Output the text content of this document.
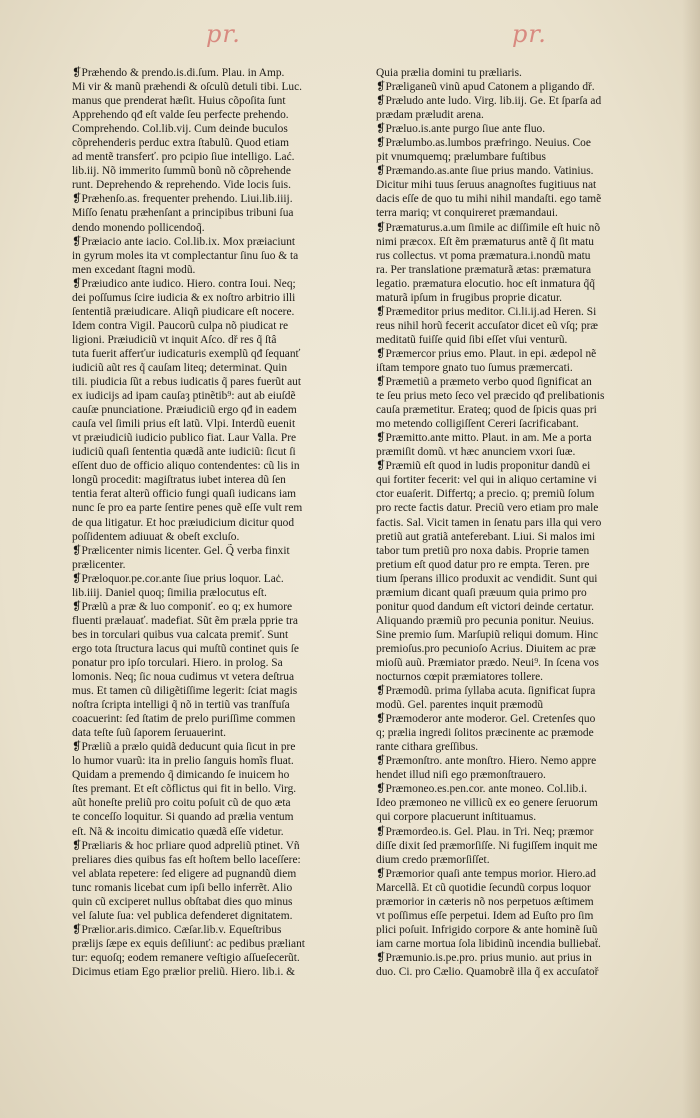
pr.	pr.
❡Præhendo & prendo.is.di.ſum. Plau. in Amp.
Mi vir & manũ præhendi & oſculũ detuli tibi. Luc.
manus que prenderat hæſit. Huius cõpoſita ſunt
Apprehendo qđ eſt valde ſeu perfecte prehendo.
Comprehendo. Col.lib.vij. Cum deinde buculos
cõprehenderis perduc extra ſtabulũ. Quod etiam
ad mentẽ transferť. pro pcipio ſiue intelligo. Lać.
lib.iij. Nõ immerito ſummũ bonũ nõ cõprehende
runt. Deprehendo & reprehendo. Vide locis ſuis.
❡Præhenſo.as. frequenter prehendo. Liui.lib.iiij.
Miſſo ſenatu præhenſant a principibus tribuni ſua
dendo monendo pollicendoq̃.
❡Præiacio ante iacio. Col.lib.ix. Mox præiaciunt
in gyrum moles ita vt complectantur ſinu ſuo & ta
men excedant ſtagni modũ.
❡Præiudico ante iudico. Hiero. contra Ioui. Neq;
dei poſſumus ſcire iudicia & ex noſtro arbitrio illi
ſententiã præiudicare. Aliqñ piudicare eſt nocere.
Idem contra Vigil. Paucorũ culpa nõ piudicat re
ligioni. Præiudiciũ vt inquit Aſco. dř res q̃ ſtâ
tuta fuerit afferťur iudicaturis exemplũ qđ ſequanť
iudiciũ aũt res q̃ cauſam liteq; determinat. Quin
tili. piudicia ſũt a rebus iudicatis q̃ pares fuerũt aut
ex iudicijs ad ipam cauſaȝ ptinẽtib⁹: aut ab eiuſdẽ
cauſæ pnunciatione. Præiudiciũ ergo qđ in eadem
cauſa vel ſimili prius eſt latũ. Vlpi. Interdũ euenit
vt præiudiciũ iudicio publico fiat. Laur Valla. Pre
iudiciũ quaſi ſententia quædã ante iudiciũ: ſicut ſi
eſſent duo de officio aliquo contendentes: cũ lis in
longũ procedit: magiſtratus iubet interea dũ ſen
tentia ferat alterũ officio fungi quaſi iudicans iam
nunc ſe pro ea parte ſentire penes quẽ eſſe vult rem
de qua litigatur. Et hoc præiudicium dicitur quod
poſſidentem adiuuat & obeſt excluſo.
❡Prælicenter nimis licenter. Gel. Q̃ verba finxit
prælicenter.
❡Præloquor.pe.cor.ante ſiue prius loquor. Laċ.
lib.iiij. Daniel quoq; ſimilia prælocutus eſt.
❡Prælũ a præ & luo componiť. eo q; ex humore
fluenti prælauať. madefiat. Sũt ẽm præla pprie tra
bes in torculari quibus vua calcata premiť. Sunt
ergo tota ſtructura lacus qui muſtũ continet quis ſe
ponatur pro ipſo torculari. Hiero. in prolog. Sa
lomonis. Neq; ſic noua cudimus vt vetera deſtrua
mus. Et tamen cũ diligẽtiſſime legerit: ſciat magis
noſtra ſcripta intelligi q̃ nõ in tertiũ vas tranſfuſa
coacuerint: ſed ſtatim de prelo puriſſime commen
data teſte ſuũ ſaporem ſeruauerint.
❡Præliũ a prælo quidã deducunt quia ſicut in pre
lo humor vuarũ: ita in prelio ſanguis homĩs fluat.
Quidam a premendo q̃ dimicando ſe inuicem ho
ſtes premant. Et eſt cõflictus qui fit in bello. Virg.
aũt honeſte preliũ pro coitu poſuit cũ de quo æta
te conceſſo loquitur. Si quando ad prælia ventum
eſt. Nã & incoitu dimicatio quædã eſſe videtur.
❡Præliaris & hoc prliare quod adpreliũ ptinet. Vñ
preliares dies quibus fas eſt hoſtem bello laceſſere:
vel ablata repetere: ſed eligere ad pugnandũ diem
tunc romanis licebat cum ipſi bello inferrẽt. Alio
quin cũ exciperet nullus obſtabat dies quo minus
vel ſalute ſua: vel publica defenderet dignitatem.
❡Prælior.aris.dimico. Cæſar.lib.v. Equeſtribus
prælijs ſæpe ex equis deſiliunť: ac pedibus præliant
tur: equoſq; eodem remanere veſtigio aſſueſecerũt.
Dicimus etiam Ego prælior preliũ. Hiero. lib.i. &
Quia prælia domini tu præliaris.
❡Præliganeũ vinũ apud Catonem a pligando dř.
❡Præludo ante ludo. Virg. lib.iij. Ge. Et ſparſa ad
prædam præludit arena.
❡Præluo.is.ante purgo ſiue ante fluo.
❡Prælumbo.as.lumbos præfringo. Neuius. Coe
pit vnumquemq; prælumbare fuſtibus
❡Præmando.as.ante ſiue prius mando. Vatinius.
Dicitur mihi tuus ſeruus anagnoſtes fugitiuus nat
dacis eſſe de quo tu mihi nihil mandaſti. ego tamẽ
terra mariq; vt conquireret præmandaui.
❡Præmaturus.a.um ſimile ac diſſimile eſt huic nõ
nimi præcox. Eſt ẽm præmaturus antẽ q̃ ſit matu
rus collectus. vt poma præmatura.i.nondũ matu
ra. Per translatione præmaturã ætas: præmatura
legatio. præmatura elocutio. hoc eſt inmatura q̃q̃
maturã ipſum in frugibus proprie dicatur.
❡Præmeditor prius meditor. Ci.li.ij.ad Heren. Si
reus nihil horũ fecerit accuſator dicet eũ vſq; præ
meditatũ fuiſſe quid ſibi eſſet vſui venturũ.
❡Præmercor prius emo. Plaut. in epi. ædepol nẽ
iſtam tempore gnato tuo ſumus præmercati.
❡Præmetiũ a præmeto verbo quod ſignificat an
te ſeu prius meto ſeco vel præcido qđ prelibationis
cauſa præmetitur. Erateq; quod de ſpicis quas pri
mo metendo colligiſſent Cereri ſacrificabant.
❡Præmitto.ante mitto. Plaut. in am. Me a porta
præmiſit domũ. vt hæc anunciem vxori ſuæ.
❡Præmiũ eſt quod in ludis proponitur dandũ ei
qui fortiter fecerit: vel qui in aliquo certamine vi
ctor euaſerit. Differtq; a precio. q; premiũ ſolum
pro recte factis datur. Preciũ vero etiam pro male
factis. Sal. Vicit tamen in ſenatu pars illa qui vero
pretiũ aut gratiã anteferebant. Liui. Si malos imi
tabor tum pretiũ pro noxa dabis. Proprie tamen
pretium eſt quod datur pro re empta. Teren. pre
tium ſperans illico produxit ac vendidit. Sunt qui
præmium dicant quaſi præuum quia primo pro
ponitur quod dandum eſt victori deinde certatur.
Aliquando præmiũ pro pecunia ponitur. Neuius.
Sine premio ſum. Marſupiũ reliqui domum. Hinc
premioſus.pro pecunioſo Acrius. Diuitem ac præ
mioſũ auũ. Præmiator prædo. Neui⁹. In ſcena vos
nocturnos cœpit præmiatores tollere.
❡Præmodũ. prima ſyllaba acuta. ſignificat ſupra
modũ. Gel. parentes inquit præmodũ
❡Præmoderor ante moderor. Gel. Cretenſes quo
q; prælia ingredi ſolitos præcinente ac præmode
rante cithara greſſibus.
❡Præmonſtro. ante monſtro. Hiero. Nemo appre
hendet illud niſi ego præmonſtrauero.
❡Præmoneo.es.pen.cor. ante moneo. Col.lib.i.
Ideo præmoneo ne villicũ ex eo genere ſeruorum
qui corpore placuerunt inſtituamus.
❡Præmordeo.is. Gel. Plau. in Tri. Neq; præmor
diſſe dixit ſed præmorſiſſe. Ni fugiſſem inquit me
dium credo præmorſiſſet.
❡Præmorior quaſi ante tempus morior. Hiero.ad
Marcellã. Et cũ quotidie ſecundũ corpus loquor
præmorior in cæteris nõ nos perpetuos æſtimem
vt poſſimus eſſe perpetui. Idem ad Euſto pro ſim
plici poſuit. Infrigido corpore & ante hominẽ ſuũ
iam carne mortua ſola libidinũ incendia bulliebaẗ.
❡Præmunio.is.pe.pro. prius munio. aut prius in
duo. Ci. pro Cælio. Quamobrẽ illa q̃ ex accuſatoř
